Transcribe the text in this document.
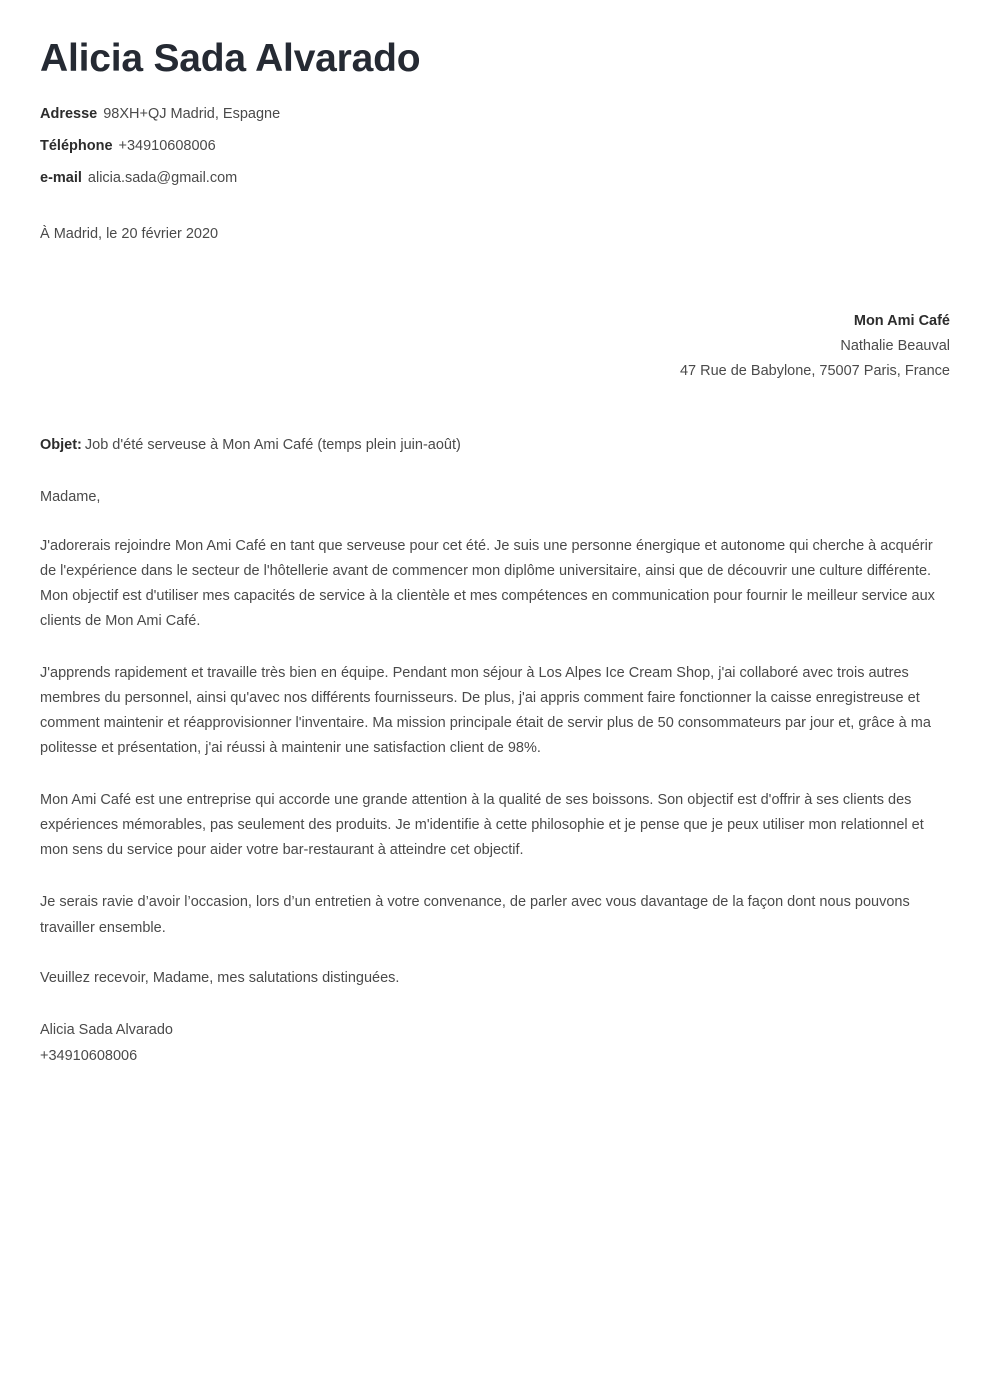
Alicia Sada Alvarado
Adresse 98XH+QJ Madrid, Espagne
Téléphone +34910608006
e-mail alicia.sada@gmail.com
À Madrid, le 20 février 2020
Mon Ami Café
Nathalie Beauval
47 Rue de Babylone, 75007 Paris, France
Objet: Job d'été serveuse à Mon Ami Café (temps plein juin-août)
Madame,

J'adorerais rejoindre Mon Ami Café en tant que serveuse pour cet été. Je suis une personne énergique et autonome qui cherche à acquérir de l'expérience dans le secteur de l'hôtellerie avant de commencer mon diplôme universitaire, ainsi que de découvrir une culture différente. Mon objectif est d'utiliser mes capacités de service à la clientèle et mes compétences en communication pour fournir le meilleur service aux clients de Mon Ami Café.

J'apprends rapidement et travaille très bien en équipe. Pendant mon séjour à Los Alpes Ice Cream Shop, j'ai collaboré avec trois autres membres du personnel, ainsi qu'avec nos différents fournisseurs. De plus, j'ai appris comment faire fonctionner la caisse enregistreuse et comment maintenir et réapprovisionner l'inventaire. Ma mission principale était de servir plus de 50 consommateurs par jour et, grâce à ma politesse et présentation, j'ai réussi à maintenir une satisfaction client de 98%.

Mon Ami Café est une entreprise qui accorde une grande attention à la qualité de ses boissons. Son objectif est d'offrir à ses clients des expériences mémorables, pas seulement des produits. Je m'identifie à cette philosophie et je pense que je peux utiliser mon relationnel et mon sens du service pour aider votre bar-restaurant à atteindre cet objectif.

Je serais ravie d’avoir l’occasion, lors d’un entretien à votre convenance, de parler avec vous davantage de la façon dont nous pouvons travailler ensemble.

Veuillez recevoir, Madame, mes salutations distinguées.
Alicia Sada Alvarado
+34910608006
